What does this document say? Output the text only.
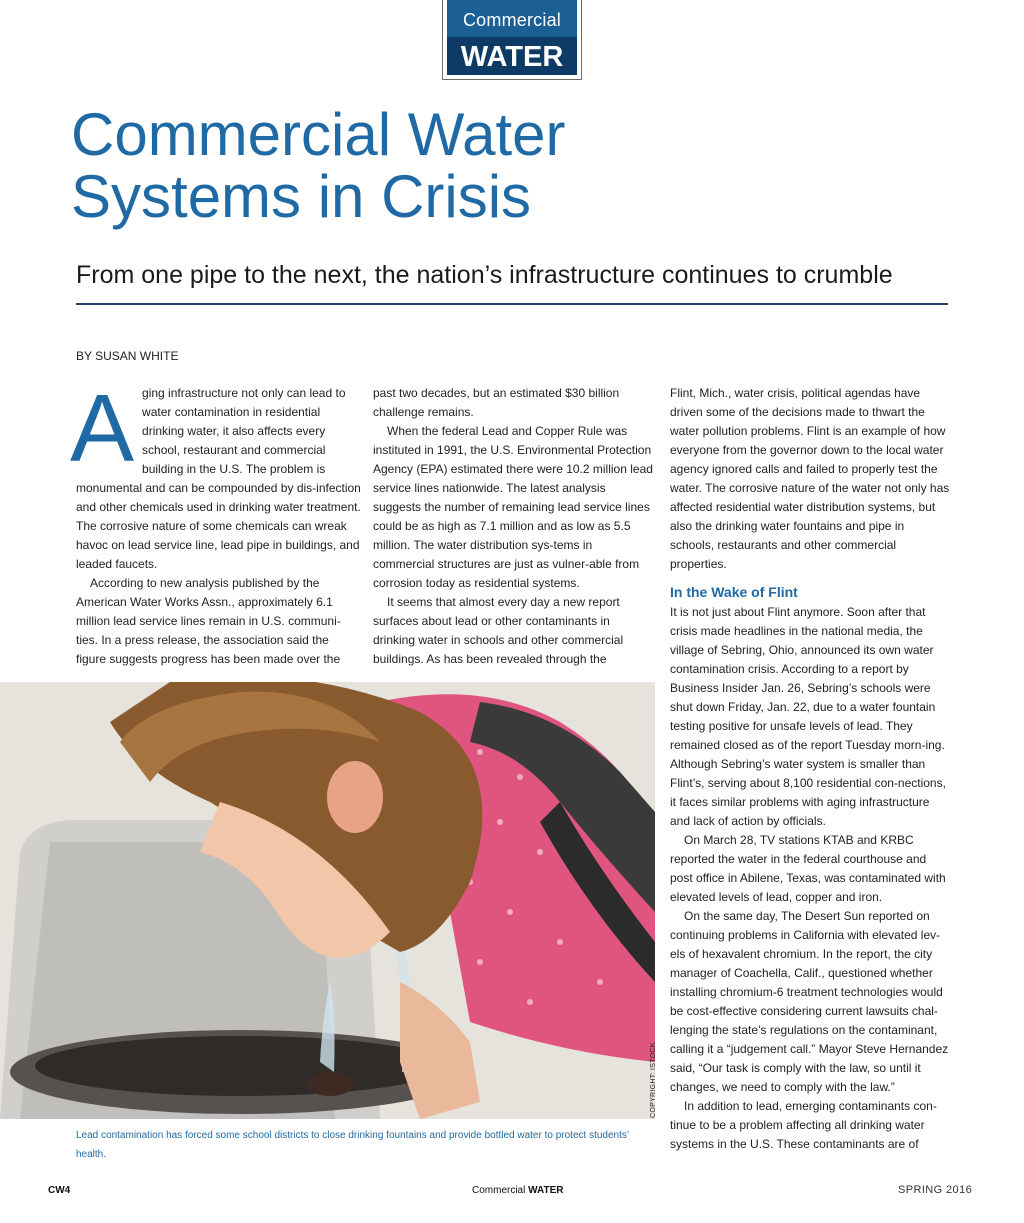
Commercial
WATER
Commercial Water
Systems in Crisis
From one pipe to the next, the nation’s infrastructure continues to crumble
BY SUSAN WHITE

Aging infrastructure not only can lead to water contamination in residential drinking water, it also affects every school, restaurant and commercial building in the U.S. The problem is monumental and can be compounded by dis-infection and other chemicals used in drinking water treatment. The corrosive nature of some chemicals can wreak havoc on lead service line, lead pipe in buildings, and leaded faucets.

According to new analysis published by the American Water Works Assn., approximately 6.1 million lead service lines remain in U.S. communi-ties. In a press release, the association said the figure suggests progress has been made over the

past two decades, but an estimated $30 billion challenge remains.

When the federal Lead and Copper Rule was instituted in 1991, the U.S. Environmental Protection Agency (EPA) estimated there were 10.2 million lead service lines nationwide. The latest analysis suggests the number of remaining lead service lines could be as high as 7.1 million and as low as 5.5 million. The water distribution sys-tems in commercial structures are just as vulner-able from corrosion today as residential systems.

It seems that almost every day a new report surfaces about lead or other contaminants in drinking water in schools and other commercial buildings. As has been revealed through the

Flint, Mich., water crisis, political agendas have driven some of the decisions made to thwart the water pollution problems. Flint is an example of how everyone from the governor down to the local water agency ignored calls and failed to properly test the water. The corrosive nature of the water not only has affected residential water distribution systems, but also the drinking water fountains and pipe in schools, restaurants and other commercial properties.

In the Wake of Flint

It is not just about Flint anymore. Soon after that crisis made headlines in the national media, the village of Sebring, Ohio, announced its own water contamination crisis. According to a report by Business Insider Jan. 26, Sebring’s schools were shut down Friday, Jan. 22, due to a water fountain testing positive for unsafe levels of lead. They remained closed as of the report Tuesday morn-ing. Although Sebring’s water system is smaller than Flint’s, serving about 8,100 residential con-nections, it faces similar problems with aging infrastructure and lack of action by officials.

On March 28, TV stations KTAB and KRBC reported the water in the federal courthouse and post office in Abilene, Texas, was contaminated with elevated levels of lead, copper and iron.

On the same day, The Desert Sun reported on continuing problems in California with elevated lev-els of hexavalent chromium. In the report, the city manager of Coachella, Calif., questioned whether installing chromium-6 treatment technologies would be cost-effective considering current lawsuits chal-lenging the state’s regulations on the contaminant, calling it a “judgement call.” Mayor Steve Hernandez said, “Our task is comply with the law, so until it changes, we need to comply with the law.”

In addition to lead, emerging contaminants con-tinue to be a problem affecting all drinking water systems in the U.S. These contaminants are of

COPYRIGHT: ISTOCK

Lead contamination has forced some school districts to close drinking fountains and provide bottled water to protect students’ health.

CW4	Commercial WATER	SPRING 2016
